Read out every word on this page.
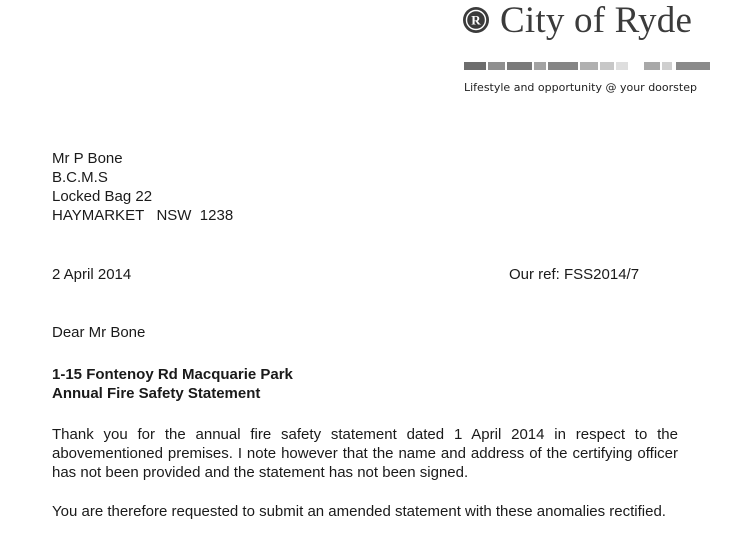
R City of Ryde
Lifestyle and opportunity @ your doorstep
Mr P Bone
B.C.M.S
Locked Bag 22
HAYMARKET   NSW  1238
2 April 2014	Our ref: FSS2014/7
Dear Mr Bone
1-15 Fontenoy Rd Macquarie Park
Annual Fire Safety Statement
Thank you for the annual fire safety statement dated 1 April 2014 in respect to the abovementioned premises. I note however that the name and address of the certifying officer has not been provided and the statement has not been signed.
You are therefore requested to submit an amended statement with these anomalies rectified.
